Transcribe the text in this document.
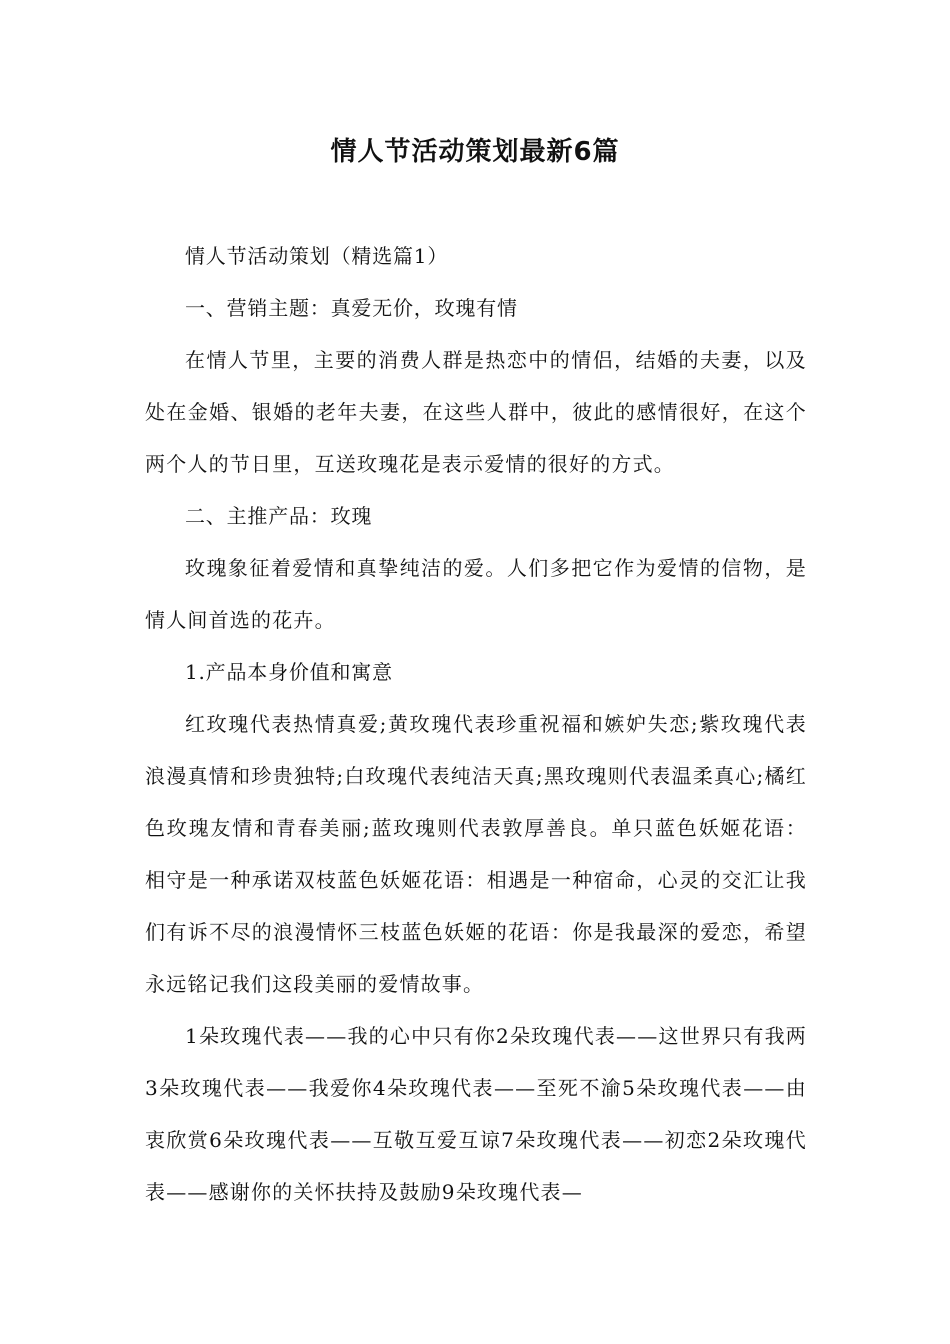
情人节活动策划最新6篇

情人节活动策划（精选篇1）

一、营销主题：真爱无价，玫瑰有情

在情人节里，主要的消费人群是热恋中的情侣，结婚的夫妻，以及处在金婚、银婚的老年夫妻，在这些人群中，彼此的感情很好，在这个两个人的节日里，互送玫瑰花是表示爱情的很好的方式。

二、主推产品：玫瑰

玫瑰象征着爱情和真挚纯洁的爱。人们多把它作为爱情的信物，是情人间首选的花卉。

1.产品本身价值和寓意

红玫瑰代表热情真爱;黄玫瑰代表珍重祝福和嫉妒失恋;紫玫瑰代表浪漫真情和珍贵独特;白玫瑰代表纯洁天真;黑玫瑰则代表温柔真心;橘红色玫瑰友情和青春美丽;蓝玫瑰则代表敦厚善良。单只蓝色妖姬花语：相守是一种承诺双枝蓝色妖姬花语：相遇是一种宿命，心灵的交汇让我们有诉不尽的浪漫情怀三枝蓝色妖姬的花语：你是我最深的爱恋，希望永远铭记我们这段美丽的爱情故事。

1朵玫瑰代表——我的心中只有你2朵玫瑰代表——这世界只有我两3朵玫瑰代表——我爱你4朵玫瑰代表——至死不渝5朵玫瑰代表——由衷欣赏6朵玫瑰代表——互敬互爱互谅7朵玫瑰代表——初恋2朵玫瑰代表——感谢你的关怀扶持及鼓励9朵玫瑰代表—
